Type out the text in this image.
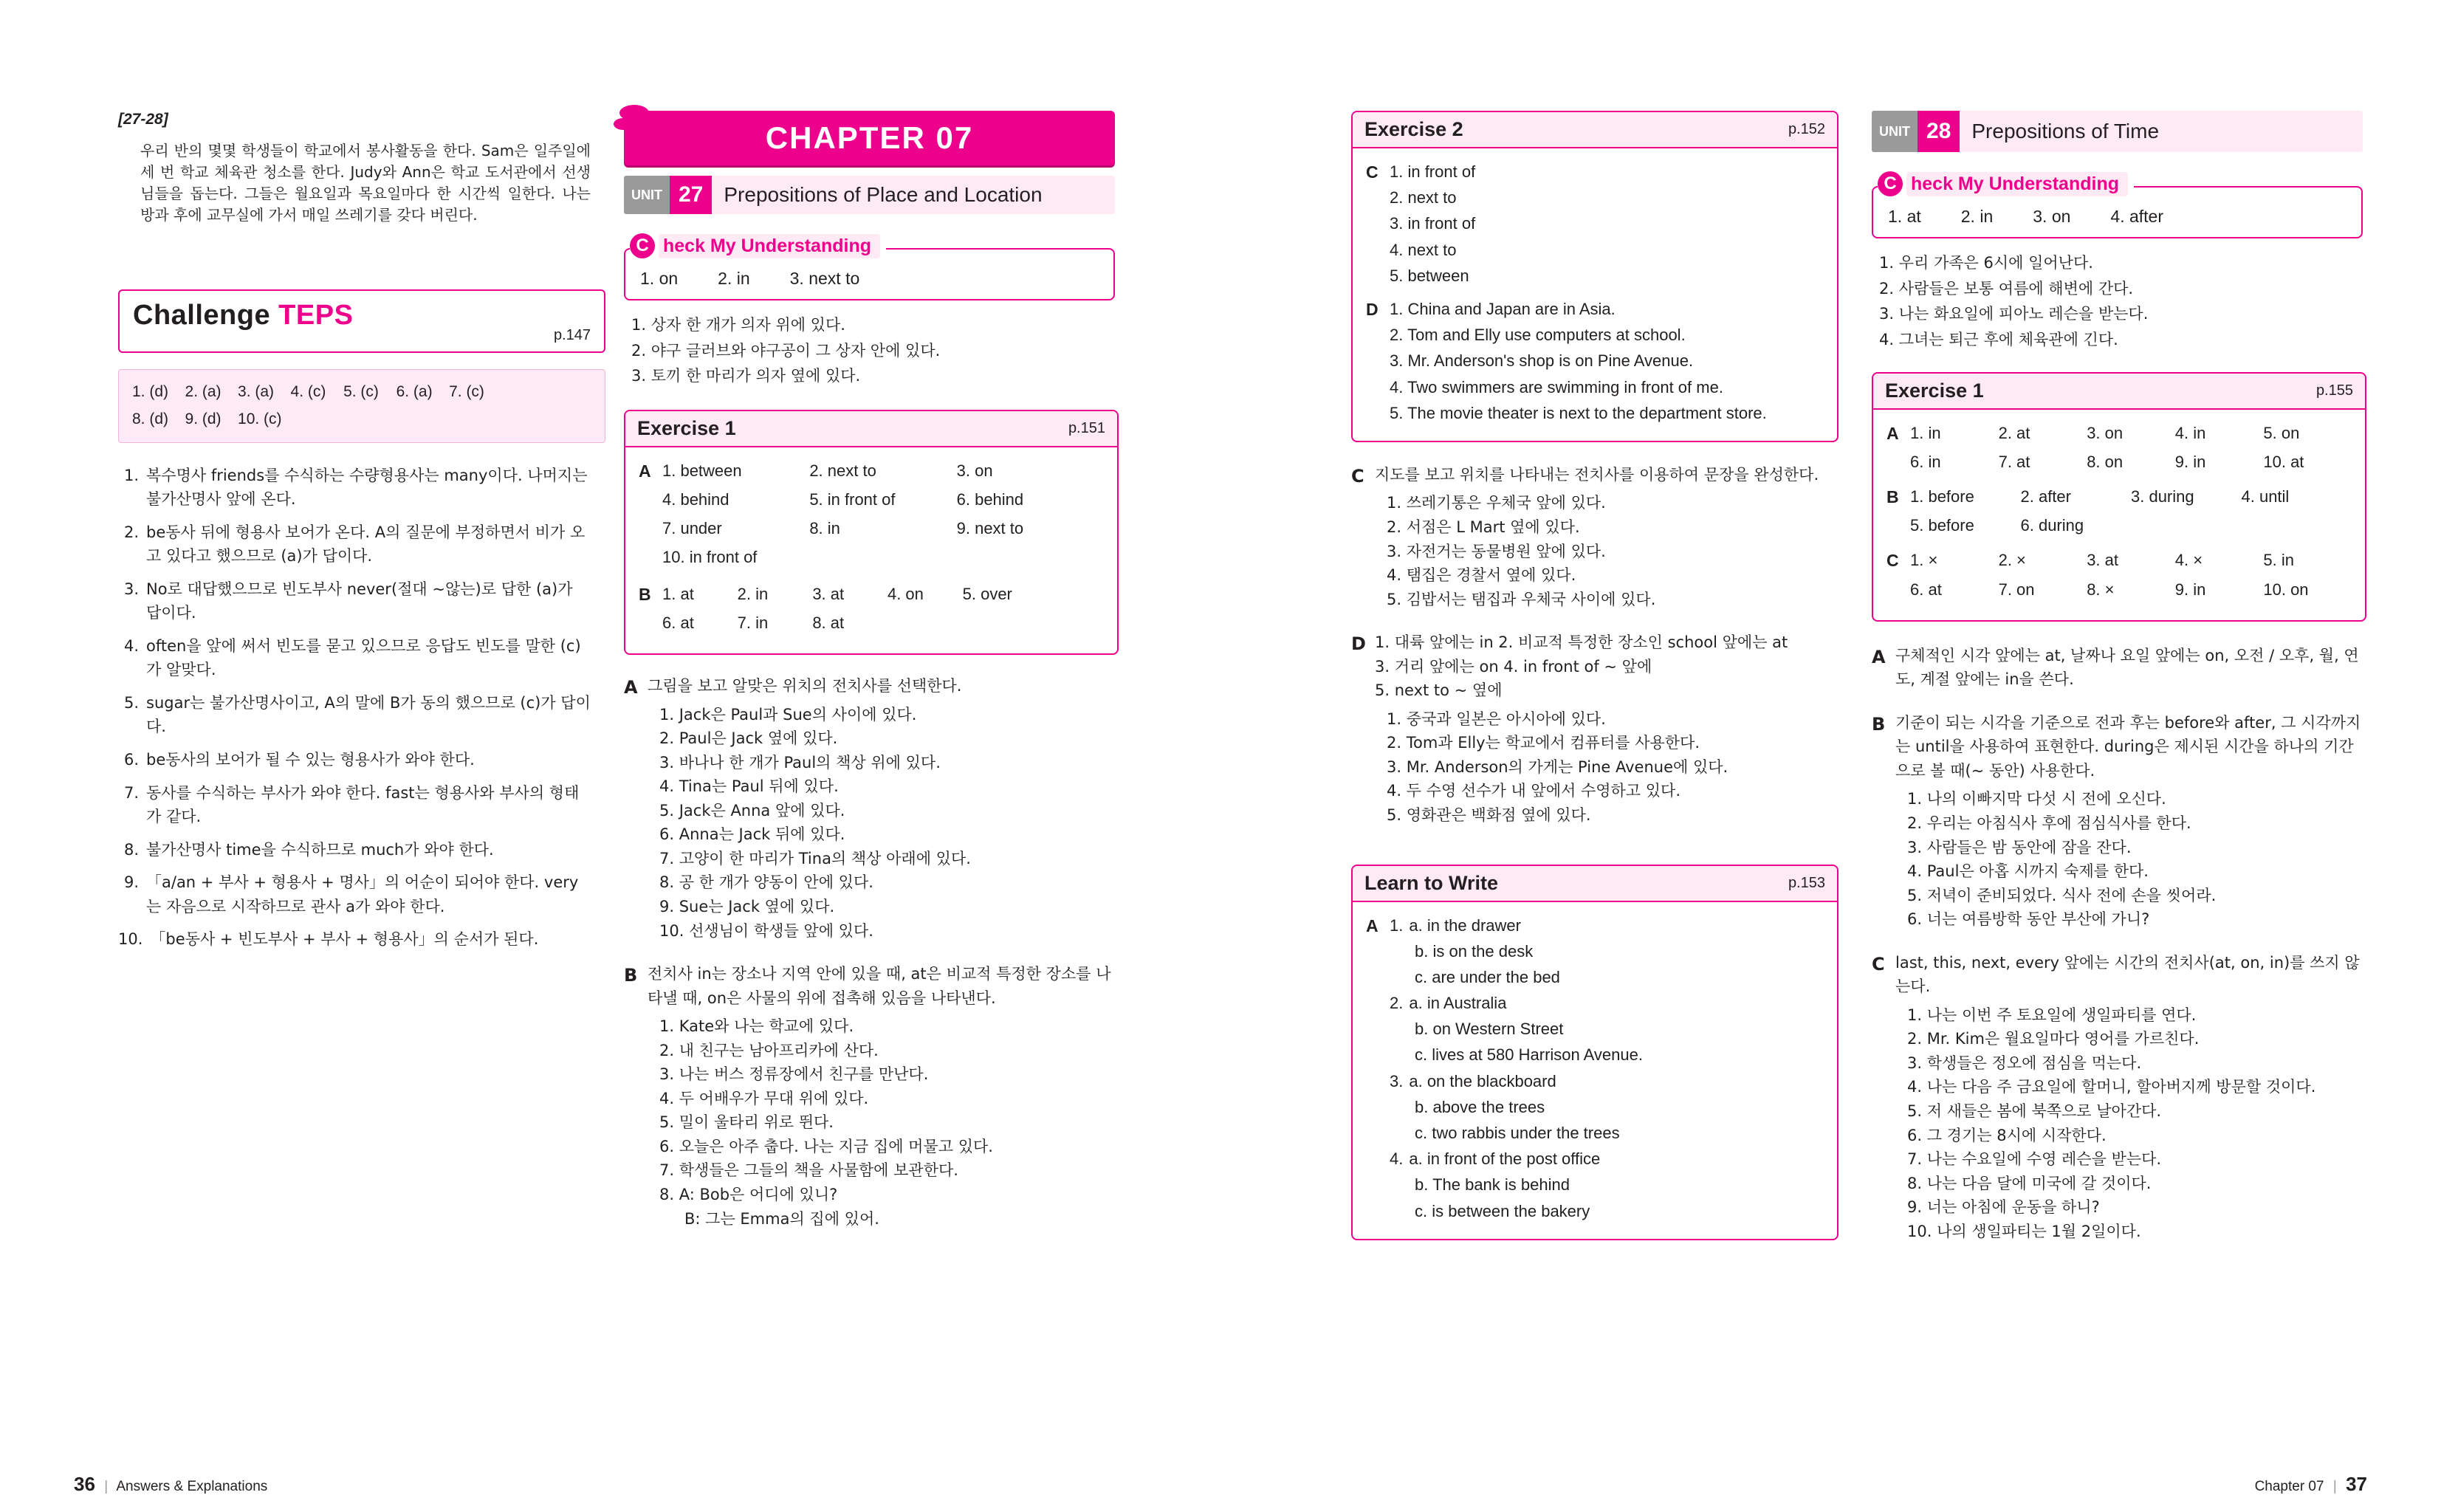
[27-28]
우리 반의 몇몇 학생들이 학교에서 봉사활동을 한다. Sam은 일주일에 세 번 학교 체육관 청소를 한다. Judy와 Ann은 학교 도서관에서 선생님들을 돕는다. 그들은 월요일과 목요일마다 한 시간씩 일한다. 나는 방과 후에 교무실에 가서 매일 쓰레기를 갖다 버린다.
Challenge TEPS
p.147
1. (d)	2. (a)	3. (a)	4. (c)	5. (c)	6. (a)	7. (c)
8. (d)	9. (d)	10. (c)
1. 복수명사 friends를 수식하는 수량형용사는 many이다. 나머지는 불가산명사 앞에 온다.
2. be동사 뒤에 형용사 보어가 온다. A의 질문에 부정하면서 비가 오고 있다고 했으므로 (a)가 답이다.
3. No로 대답했으므로 빈도부사 never(절대 ~않는)로 답한 (a)가 답이다.
4. often을 앞에 써서 빈도를 묻고 있으므로 응답도 빈도를 말한 (c)가 알맞다.
5. sugar는 불가산명사이고, A의 말에 B가 동의 했으므로 (c)가 답이다.
6. be동사의 보어가 될 수 있는 형용사가 와야 한다.
7. 동사를 수식하는 부사가 와야 한다. fast는 형용사와 부사의 형태가 같다.
8. 불가산명사 time을 수식하므로 much가 와야 한다.
9. 「a/an + 부사 + 형용사 + 명사」의 어순이 되어야 한다. very는 자음으로 시작하므로 관사 a가 와야 한다.
10. 「be동사 + 빈도부사 + 부사 + 형용사」의 순서가 된다.
36 | Answers & Explanations
CHAPTER 07
UNIT 27	Prepositions of Place and Location
C heck My Understanding
1. on 2. in 3. next to
1. 상자 한 개가 의자 위에 있다.
2. 야구 글러브와 야구공이 그 상자 안에 있다.
3. 토끼 한 마리가 의자 옆에 있다.
Exercise 1	p.151
A 1. between	2. next to	3. on
4. behind	5. in front of	6. behind
7. under	8. in	9. next to
10. in front of
B 1. at	2. in	3. at	4. on	5. over
6. at	7. in	8. at
A 그림을 보고 알맞은 위치의 전치사를 선택한다.
1. Jack은 Paul과 Sue의 사이에 있다.
2. Paul은 Jack 옆에 있다.
3. 바나나 한 개가 Paul의 책상 위에 있다.
4. Tina는 Paul 뒤에 있다.
5. Jack은 Anna 앞에 있다.
6. Anna는 Jack 뒤에 있다.
7. 고양이 한 마리가 Tina의 책상 아래에 있다.
8. 공 한 개가 양동이 안에 있다.
9. Sue는 Jack 옆에 있다.
10. 선생님이 학생들 앞에 있다.
B 전치사 in는 장소나 지역 안에 있을 때, at은 비교적 특정한 장소를 나타낼 때, on은 사물의 위에 접촉해 있음을 나타낸다.
1. Kate와 나는 학교에 있다.
2. 내 친구는 남아프리카에 산다.
3. 나는 버스 정류장에서 친구를 만난다.
4. 두 어배우가 무대 위에 있다.
5. 밀이 울타리 위로 뛴다.
6. 오늘은 아주 춥다. 나는 지금 집에 머물고 있다.
7. 학생들은 그들의 책을 사물함에 보관한다.
8. A: Bob은 어디에 있니?
B: 그는 Emma의 집에 있어.
Exercise 2	p.152
C 1. in front of
2. next to
3. in front of
4. next to
5. between
D 1. China and Japan are in Asia.
2. Tom and Elly use computers at school.
3. Mr. Anderson's shop is on Pine Avenue.
4. Two swimmers are swimming in front of me.
5. The movie theater is next to the department store.
C 지도를 보고 위치를 나타내는 전치사를 이용하여 문장을 완성한다.
1. 쓰레기통은 우체국 앞에 있다.
2. 서점은 L Mart 옆에 있다.
3. 자전거는 동물병원 앞에 있다.
4. 탬집은 경찰서 옆에 있다.
5. 김밥서는 탬집과 우체국 사이에 있다.
D 1. 대륙 앞에는 in 2. 비교적 특정한 장소인 school 앞에는 at
3. 거리 앞에는 on 4. in front of ~ 앞에
5. next to ~ 옆에
1. 중국과 일본은 아시아에 있다.
2. Tom과 Elly는 학교에서 컴퓨터를 사용한다.
3. Mr. Anderson의 가게는 Pine Avenue에 있다.
4. 두 수영 선수가 내 앞에서 수영하고 있다.
5. 영화관은 백화점 옆에 있다.
Learn to Write	p.153
A 1. a. in the drawer
b. is on the desk
c. are under the bed
2. a. in Australia
b. on Western Street
c. lives at 580 Harrison Avenue.
3. a. on the blackboard
b. above the trees
c. two rabbis under the trees
4. a. in front of the post office
b. The bank is behind
c. is between the bakery
UNIT 28	Prepositions of Time
C heck My Understanding
1. at 2. in 3. on 4. after
1. 우리 가족은 6시에 일어난다.
2. 사람들은 보통 여름에 해변에 간다.
3. 나는 화요일에 피아노 레슨을 받는다.
4. 그녀는 퇴근 후에 체육관에 긴다.
Exercise 1	p.155
A 1. in	2. at	3. on	4. in	5. on
6. in	7. at	8. on	9. in	10. at
B 1. before	2. after	3. during	4. until
5. before	6. during
C 1. ×	2. ×	3. at	4. ×	5. in
6. at	7. on	8. ×	9. in	10. on
A 구체적인 시각 앞에는 at, 날짜나 요일 앞에는 on, 오전 / 오후, 월, 연도, 계절 앞에는 in을 쓴다.
B 기준이 되는 시각을 기준으로 전과 후는 before와 after, 그 시각까지는 until을 사용하여 표현한다. during은 제시된 시간을 하나의 기간으로 볼 때(~ 동안) 사용한다.
1. 나의 이빠지막 다섯 시 전에 오신다.
2. 우리는 아침식사 후에 점심식사를 한다.
3. 사람들은 밤 동안에 잠을 잔다.
4. Paul은 아홉 시까지 숙제를 한다.
5. 저녁이 준비되었다. 식사 전에 손을 씻어라.
6. 너는 여름방학 동안 부산에 가니?
C last, this, next, every 앞에는 시간의 전치사(at, on, in)를 쓰지 않는다.
1. 나는 이번 주 토요일에 생일파티를 연다.
2. Mr. Kim은 월요일마다 영어를 가르친다.
3. 학생들은 정오에 점심을 먹는다.
4. 나는 다음 주 금요일에 할머니, 할아버지께 방문할 것이다.
5. 저 새들은 봄에 북쪽으로 날아간다.
6. 그 경기는 8시에 시작한다.
7. 나는 수요일에 수영 레슨을 받는다.
8. 나는 다음 달에 미국에 갈 것이다.
9. 너는 아침에 운동을 하니?
10. 나의 생일파티는 1월 2일이다.
Chapter 07 | 37
